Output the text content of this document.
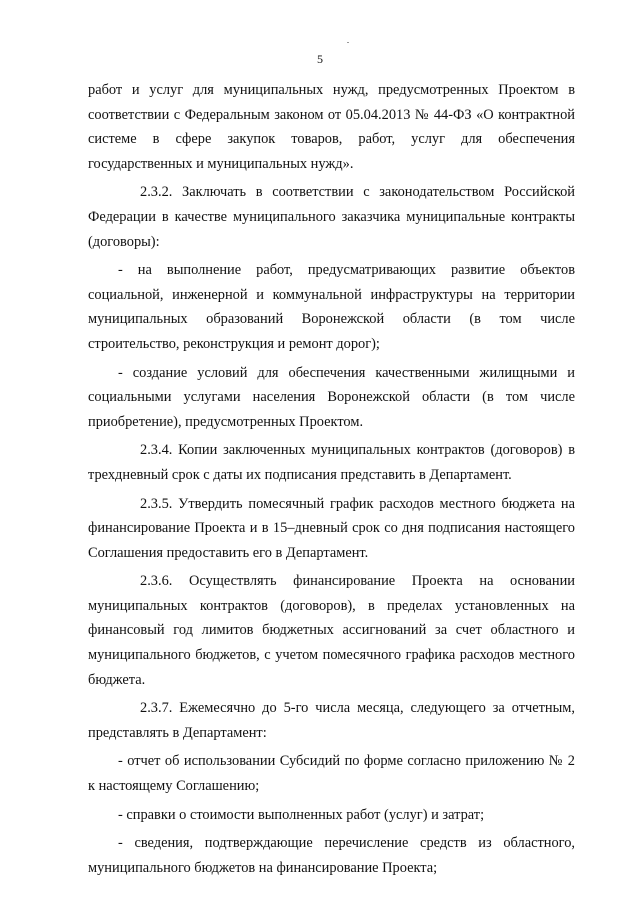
5

работ и услуг для муниципальных нужд, предусмотренных Проектом в соответствии с Федеральным законом от 05.04.2013 № 44-ФЗ «О контрактной системе в сфере закупок товаров, работ, услуг для обеспечения государственных и муниципальных нужд».

2.3.2. Заключать в соответствии с законодательством Российской Федерации в качестве муниципального заказчика муниципальные контракты (договоры):

- на выполнение работ, предусматривающих развитие объектов социальной, инженерной и коммунальной инфраструктуры на территории муниципальных образований Воронежской области (в том числе строительство, реконструкция и ремонт дорог);

- создание условий для обеспечения качественными жилищными и социальными услугами населения Воронежской области (в том числе приобретение), предусмотренных Проектом.

2.3.4. Копии заключенных муниципальных контрактов (договоров) в трехдневный срок с даты их подписания представить в Департамент.

2.3.5. Утвердить помесячный график расходов местного бюджета на финансирование Проекта и в 15–дневный срок со дня подписания настоящего Соглашения предоставить его в Департамент.

2.3.6. Осуществлять финансирование Проекта на основании муниципальных контрактов (договоров), в пределах установленных на финансовый год лимитов бюджетных ассигнований за счет областного и муниципального бюджетов, с учетом помесячного графика расходов местного бюджета.

2.3.7. Ежемесячно до 5-го числа месяца, следующего за отчетным, представлять в Департамент:

- отчет об использовании Субсидий по форме согласно приложению № 2 к настоящему Соглашению;

- справки о стоимости выполненных работ (услуг) и затрат;

- сведения, подтверждающие перечисление средств из областного, муниципального бюджетов на финансирование Проекта;
